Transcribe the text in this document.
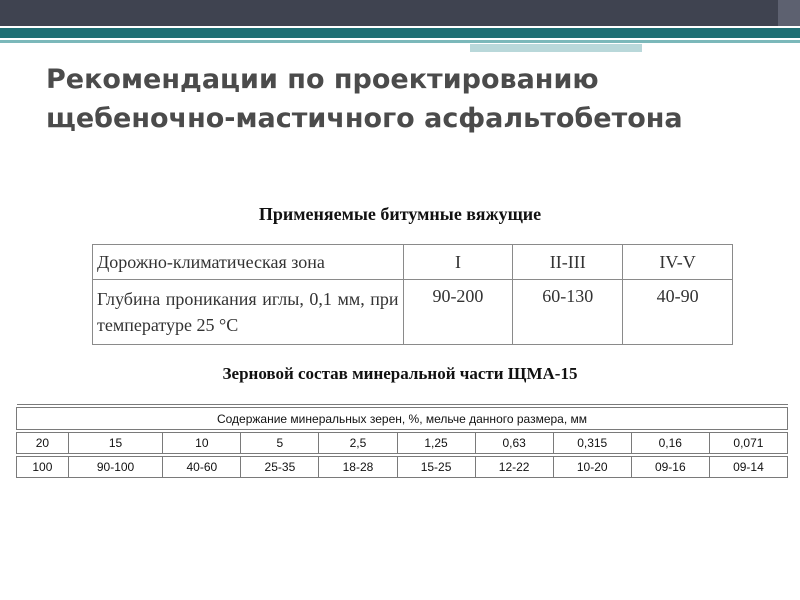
Рекомендации по проектированию щебеночно-мастичного асфальтобетона

Применяемые битумные вяжущие

Дорожно-климатическая зона	I	II-III	IV-V
Глубина проникания иглы, 0,1 мм, при температуре 25 °С	90-200	60-130	40-90

Зерновой состав минеральной части ЩМА-15

Содержание минеральных зерен, %, мельче данного размера, мм									

20	15	10	5	2,5	1,25	0,63	0,315	0,16	0,071

100	90-100	40-60	25-35	18-28	15-25	12-22	10-20	09-16	09-14
